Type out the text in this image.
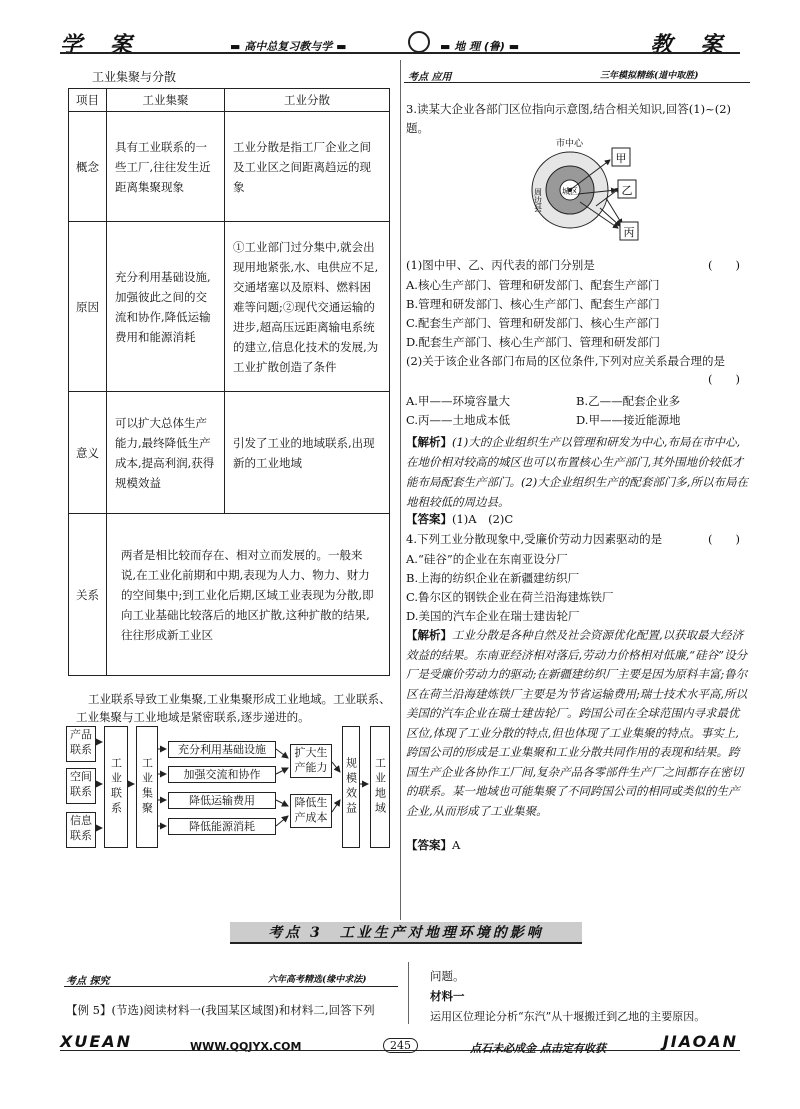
学 案	▬ 高中总复习教与学 ▬	▬ 地 理 (鲁) ▬	教 案
工业集聚与分散
项目	工业集聚	工业分散
概念	具有工业联系的一些工厂,往往发生近距离集聚现象	工业分散是指工厂企业之间及工业区之间距离趋远的现象
原因	充分利用基础设施,加强彼此之间的交流和协作,降低运输费用和能源消耗	①工业部门过分集中,就会出现用地紧张,水、电供应不足,交通堵塞以及原料、燃料困难等问题;②现代交通运输的进步,超高压远距离输电系统的建立,信息化技术的发展,为工业扩散创造了条件
意义	可以扩大总体生产能力,最终降低生产成本,提高利润,获得规模效益	引发了工业的地域联系,出现新的工业地域
关系	两者是相比较而存在、相对立而发展的。一般来说,在工业化前期和中期,表现为人力、物力、财力的空间集中;到工业化后期,区域工业表现为分散,即向工业基础比较落后的地区扩散,这种扩散的结果,往往形成新工业区	
工业联系导致工业集聚,工业集聚形成工业地域。工业联系、工业集聚与工业地域是紧密联系,逐步递进的。
产品联系
空间联系
信息联系
工业联系	工业集聚
充分利用基础设施
加强交流和协作
降低运输费用
降低能源消耗
扩大生产能力
降低生产成本
规模效益	工业地域
考点 应用	三年模拟精练(道中取胜)
3.读某大企业各部门区位指向示意图,结合相关知识,回答(1)~(2)题。
甲
乙
丙
市中心
城区
周边县
(1)图中甲、乙、丙代表的部门分别是	(　　)
A.核心生产部门、管理和研发部门、配套生产部门
B.管理和研发部门、核心生产部门、配套生产部门
C.配套生产部门、管理和研发部门、核心生产部门
D.配套生产部门、核心生产部门、管理和研发部门
(2)关于该企业各部门布局的区位条件,下列对应关系最合理的是
(　　)
A.甲——环境容量大	B.乙——配套企业多
C.丙——土地成本低	D.甲——接近能源地
【解析】(1)大的企业组织生产以管理和研发为中心,布局在市中心,在地价相对较高的城区也可以布置核心生产部门,其外围地价较低才能布局配套生产部门。(2)大企业组织生产的配套部门多,所以布局在地租较低的周边县。
【答案】(1)A　(2)C
4.下列工业分散现象中,受廉价劳动力因素驱动的是	(　　)
A.“硅谷”的企业在东南亚设分厂
B.上海的纺织企业在新疆建纺织厂
C.鲁尔区的钢铁企业在荷兰沿海建炼铁厂
D.美国的汽车企业在瑞士建齿轮厂
【解析】工业分散是各种自然及社会资源优化配置,以获取最大经济效益的结果。东南亚经济相对落后,劳动力价格相对低廉,“硅谷”设分厂是受廉价劳动力的驱动;在新疆建纺织厂主要是因为原料丰富;鲁尔区在荷兰沿海建炼铁厂主要是为节省运输费用;瑞士技术水平高,所以美国的汽车企业在瑞士建齿轮厂。跨国公司在全球范围内寻求最优区位,体现了工业分散的特点,但也体现了工业集聚的特点。事实上,跨国公司的形成是工业集聚和工业分散共同作用的表现和结果。跨国生产企业各协作工厂间,复杂产品各零部件生产厂之间都存在密切的联系。某一地域也可能集聚了不同跨国公司的相同或类似的生产企业,从而形成了工业集聚。
【答案】A
考点 3　工业生产对地理环境的影响
考点 探究	六年高考精选(缘中求法)
【例 5】(节选)阅读材料一(我国某区域图)和材料二,回答下列
问题。
材料一
运用区位理论分析“东汽”从十堰搬迁到乙地的主要原因。
XUEAN	WWW.QQJYX.COM	245	点石未必成金 点击定有收获	JIAOAN
